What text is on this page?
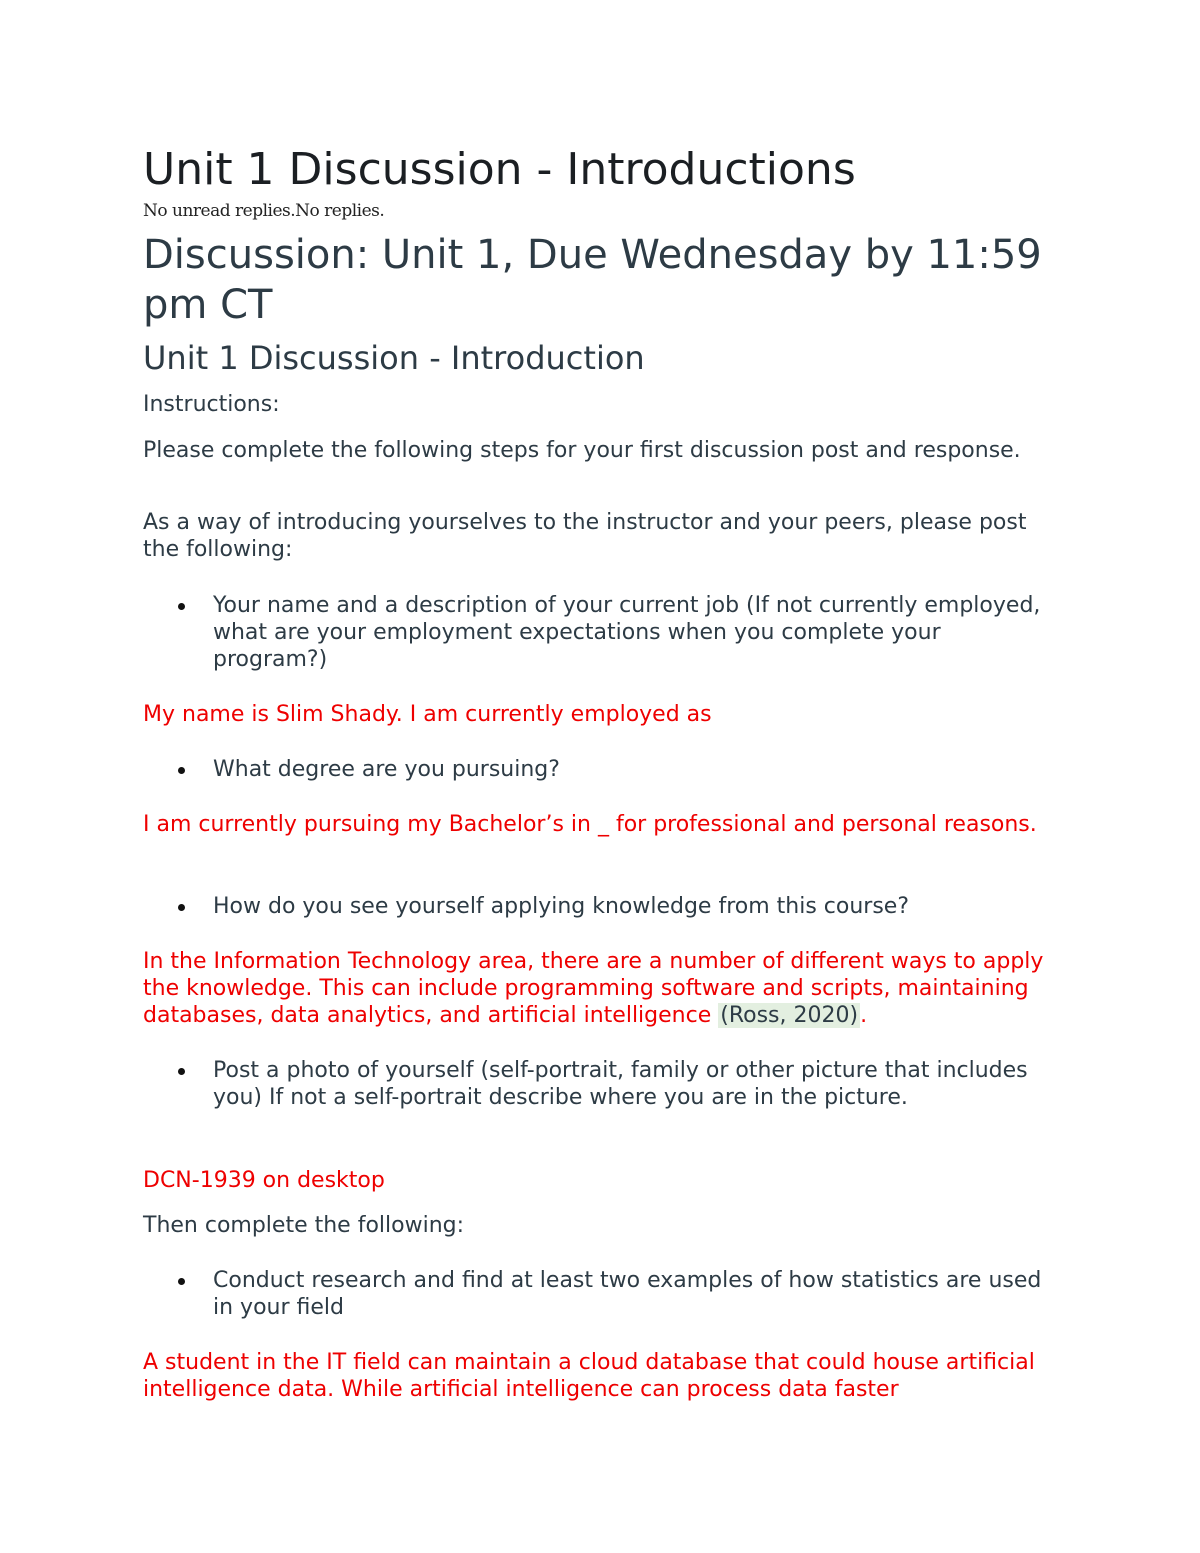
Unit 1 Discussion - Introductions
No unread replies.No replies.
Discussion: Unit 1, Due Wednesday by 11:59 pm CT
Unit 1 Discussion - Introduction
Instructions:

Please complete the following steps for your first discussion post and response.

As a way of introducing yourselves to the instructor and your peers, please post the following:

Your name and a description of your current job (If not currently employed, what are your employment expectations when you complete your program?)

My name is Slim Shady. I am currently employed as

What degree are you pursuing?

I am currently pursuing my Bachelor’s in _ for professional and personal reasons.

How do you see yourself applying knowledge from this course?

In the Information Technology area, there are a number of different ways to apply the knowledge. This can include programming software and scripts, maintaining databases, data analytics, and artificial intelligence (Ross, 2020).

Post a photo of yourself (self-portrait, family or other picture that includes you) If not a self-portrait describe where you are in the picture.

DCN-1939 on desktop

Then complete the following:

Conduct research and find at least two examples of how statistics are used in your field

A student in the IT field can maintain a cloud database that could house artificial intelligence data. While artificial intelligence can process data faster
